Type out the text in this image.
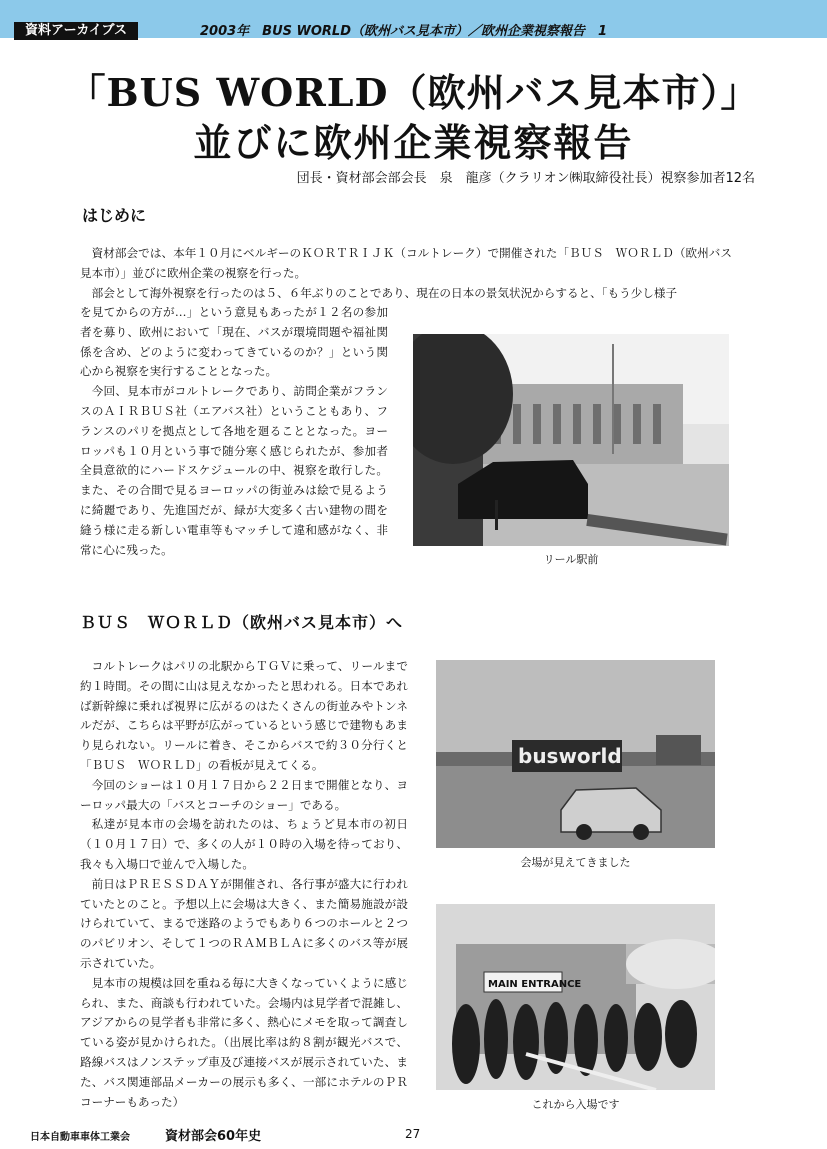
資料アーカイブス	2003年　BUS WORLD（欧州バス見本市）／欧州企業視察報告　1
「BUS WORLD（欧州バス見本市）」
並びに欧州企業視察報告
団長・資材部会部会長　泉　龍彦（クラリオン㈱取締役社長）視察参加者12名
はじめに

資材部会では、本年１０月にベルギーのＫＯＲＴＲＩＪＫ（コルトレーク）で開催された「ＢＵＳ　ＷＯＲＬＤ（欧州バス見本市）」並びに欧州企業の視察を行った。

部会として海外視察を行ったのは５、６年ぶりのことであり、現在の日本の景気状況からすると、「もう少し様子

を見てからの方が…」という意見もあったが１２名の参加者を募り、欧州において「現在、バスが環境問題や福祉関係を含め、どのように変わってきているのか？」という関心から視察を実行することとなった。

今回、見本市がコルトレークであり、訪問企業がフランスのＡＩＲＢＵＳ社（エアバス社）ということもあり、フランスのパリを拠点として各地を廻ることとなった。ヨーロッパも１０月という事で随分寒く感じられたが、参加者全員意欲的にハードスケジュールの中、視察を敢行した。また、その合間で見るヨーロッパの街並みは絵で見るように綺麗であり、先進国だが、緑が大変多く古い建物の間を縫う様に走る新しい電車等もマッチして違和感がなく、非常に心に残った。

リール駅前
ＢＵＳ　ＷＯＲＬＤ（欧州バス見本市）へ

コルトレークはパリの北駅からＴＧＶに乗って、リールまで約１時間。その間に山は見えなかったと思われる。日本であれば新幹線に乗れば視界に広がるのはたくさんの街並みやトンネルだが、こちらは平野が広がっているという感じで建物もあまり見られない。リールに着き、そこからバスで約３０分行くと「ＢＵＳ　ＷＯＲＬＤ」の看板が見えてくる。

今回のショーは１０月１７日から２２日まで開催となり、ヨーロッパ最大の「バスとコーチのショー」である。

私達が見本市の会場を訪れたのは、ちょうど見本市の初日（１０月１７日）で、多くの人が１０時の入場を待っており、我々も入場口で並んで入場した。

前日はＰＲＥＳＳＤＡＹが開催され、各行事が盛大に行われていたとのこと。予想以上に会場は大きく、また簡易施設が設けられていて、まるで迷路のようでもあり６つのホールと２つのパビリオン、そして１つのＲＡＭＢＬＡに多くのバス等が展示されていた。

見本市の規模は回を重ねる毎に大きくなっていくように感じられ、また、商談も行われていた。会場内は見学者で混雑し、アジアからの見学者も非常に多く、熱心にメモを取って調査している姿が見かけられた。（出展比率は約８割が観光バスで、路線バスはノンステップ車及び連接バスが展示されていた、また、バス関連部品メーカーの展示も多く、一部にホテルのＰＲコーナーもあった）

busworld
会場が見えてきました
MAIN ENTRANCE
これから入場です
日本自動車車体工業会	資材部会60年史	27
